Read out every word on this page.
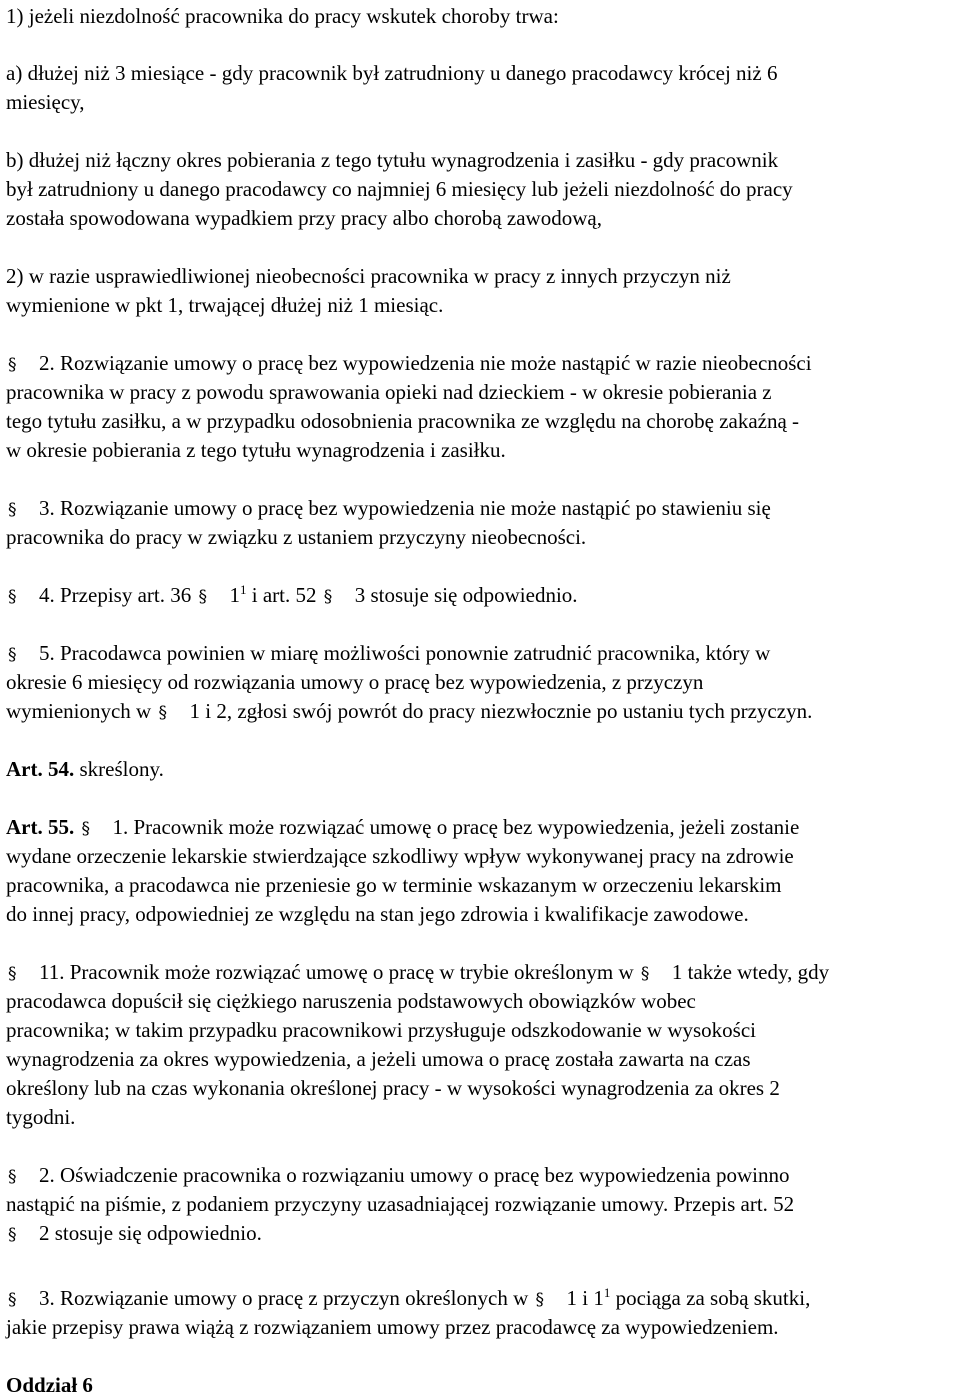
1) jeżeli niezdolność pracownika do pracy wskutek choroby trwa:

a) dłużej niż 3 miesiące - gdy pracownik był zatrudniony u danego pracodawcy krócej niż 6

miesięcy,

b) dłużej niż łączny okres pobierania z tego tytułu wynagrodzenia i zasiłku - gdy pracownik

był zatrudniony u danego pracodawcy co najmniej 6 miesięcy lub jeżeli niezdolność do pracy

została spowodowana wypadkiem przy pracy albo chorobą zawodową,

2) w razie usprawiedliwionej nieobecności pracownika w pracy z innych przyczyn niż

wymienione w pkt 1, trwającej dłużej niż 1 miesiąc.

§ 2. Rozwiązanie umowy o pracę bez wypowiedzenia nie może nastąpić w razie nieobecności

pracownika w pracy z powodu sprawowania opieki nad dzieckiem - w okresie pobierania z

tego tytułu zasiłku, a w przypadku odosobnienia pracownika ze względu na chorobę zakaźną -

w okresie pobierania z tego tytułu wynagrodzenia i zasiłku.

§ 3. Rozwiązanie umowy o pracę bez wypowiedzenia nie może nastąpić po stawieniu się

pracownika do pracy w związku z ustaniem przyczyny nieobecności.

§ 4. Przepisy art. 36 § $1^1$ i art. 52 § 3 stosuje się odpowiednio.

§ 5. Pracodawca powinien w miarę możliwości ponownie zatrudnić pracownika, który w

okresie 6 miesięcy od rozwiązania umowy o pracę bez wypowiedzenia, z przyczyn

wymienionych w § 1 i 2, zgłosi swój powrót do pracy niezwłocznie po ustaniu tych przyczyn.

Art. 54. skreślony.

Art. 55. § 1. Pracownik może rozwiązać umowę o pracę bez wypowiedzenia, jeżeli zostanie

wydane orzeczenie lekarskie stwierdzające szkodliwy wpływ wykonywanej pracy na zdrowie

pracownika, a pracodawca nie przeniesie go w terminie wskazanym w orzeczeniu lekarskim

do innej pracy, odpowiedniej ze względu na stan jego zdrowia i kwalifikacje zawodowe.

§ 11. Pracownik może rozwiązać umowę o pracę w trybie określonym w § 1 także wtedy, gdy

pracodawca dopuścił się ciężkiego naruszenia podstawowych obowiązków wobec

pracownika; w takim przypadku pracownikowi przysługuje odszkodowanie w wysokości

wynagrodzenia za okres wypowiedzenia, a jeżeli umowa o pracę została zawarta na czas

określony lub na czas wykonania określonej pracy - w wysokości wynagrodzenia za okres 2

tygodni.

§ 2. Oświadczenie pracownika o rozwiązaniu umowy o pracę bez wypowiedzenia powinno

nastąpić na piśmie, z podaniem przyczyny uzasadniającej rozwiązanie umowy. Przepis art. 52

§ 2 stosuje się odpowiednio.

§ 3. Rozwiązanie umowy o pracę z przyczyn określonych w § 1 i $1^1$ pociąga za sobą skutki,

jakie przepisy prawa wiążą z rozwiązaniem umowy przez pracodawcę za wypowiedzeniem.

Oddział 6
